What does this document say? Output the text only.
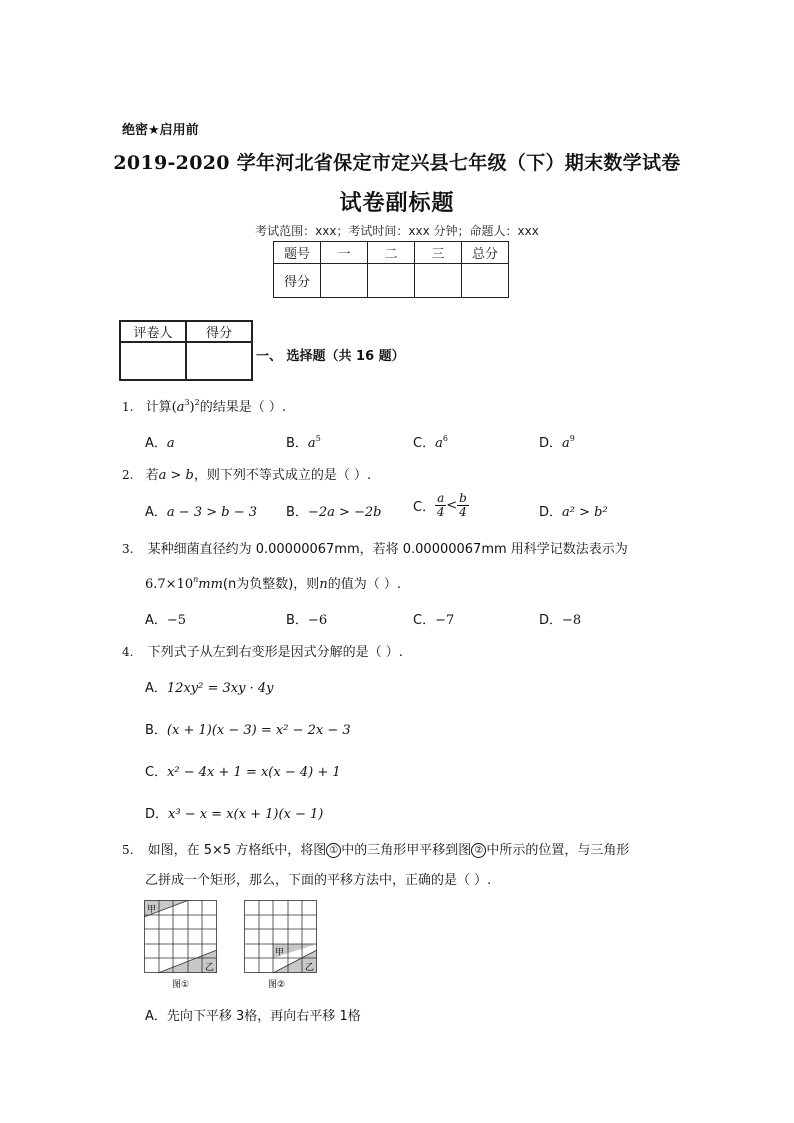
绝密★启用前
2019-2020 学年河北省保定市定兴县七年级（下）期末数学试卷
试卷副标题
考试范围：xxx；考试时间：xxx 分钟；命题人：xxx
题号	一	二	三	总分
得分				
评卷人	得分

一、 选择题（共 16 题）
1. 计算$(a^3)^2$的结果是（ ）.
A．a	B．$a^5$	C．$a^6$	D．$a^9$
2. 若a > b，则下列不等式成立的是（ ）.
A．a − 3 > b − 3 B．−2a > −2b C． $\frac{a}{4}< \frac{b}{4}$	D．a² > b²
3. 某种细菌直径约为 0.00000067mm，若将 0.00000067mm 用科学记数法表示为
$6.7\times 10^nmm(n$为负整数)，则n的值为（ ）.
A．−5	B．−6	C．−7	D．−8
4. 下列式子从左到右变形是因式分解的是（ ）.
A．12xy² = 3xy · 4y
B．(x + 1)(x − 3) = x² − 2x − 3
C．x² − 4x + 1 = x(x − 4) + 1
D．x³ − x = x(x + 1)(x − 1)
5. 如图，在 5×5 方格纸中，将图 ① 中的三角形甲平移到图 ② 中所示的位置，与三角形
乙拼成一个矩形，那么，下面的平移方法中，正确的是（ ）.
甲
乙
图①
甲
乙
图②
A．先向下平移 3格，再向右平移 1格
